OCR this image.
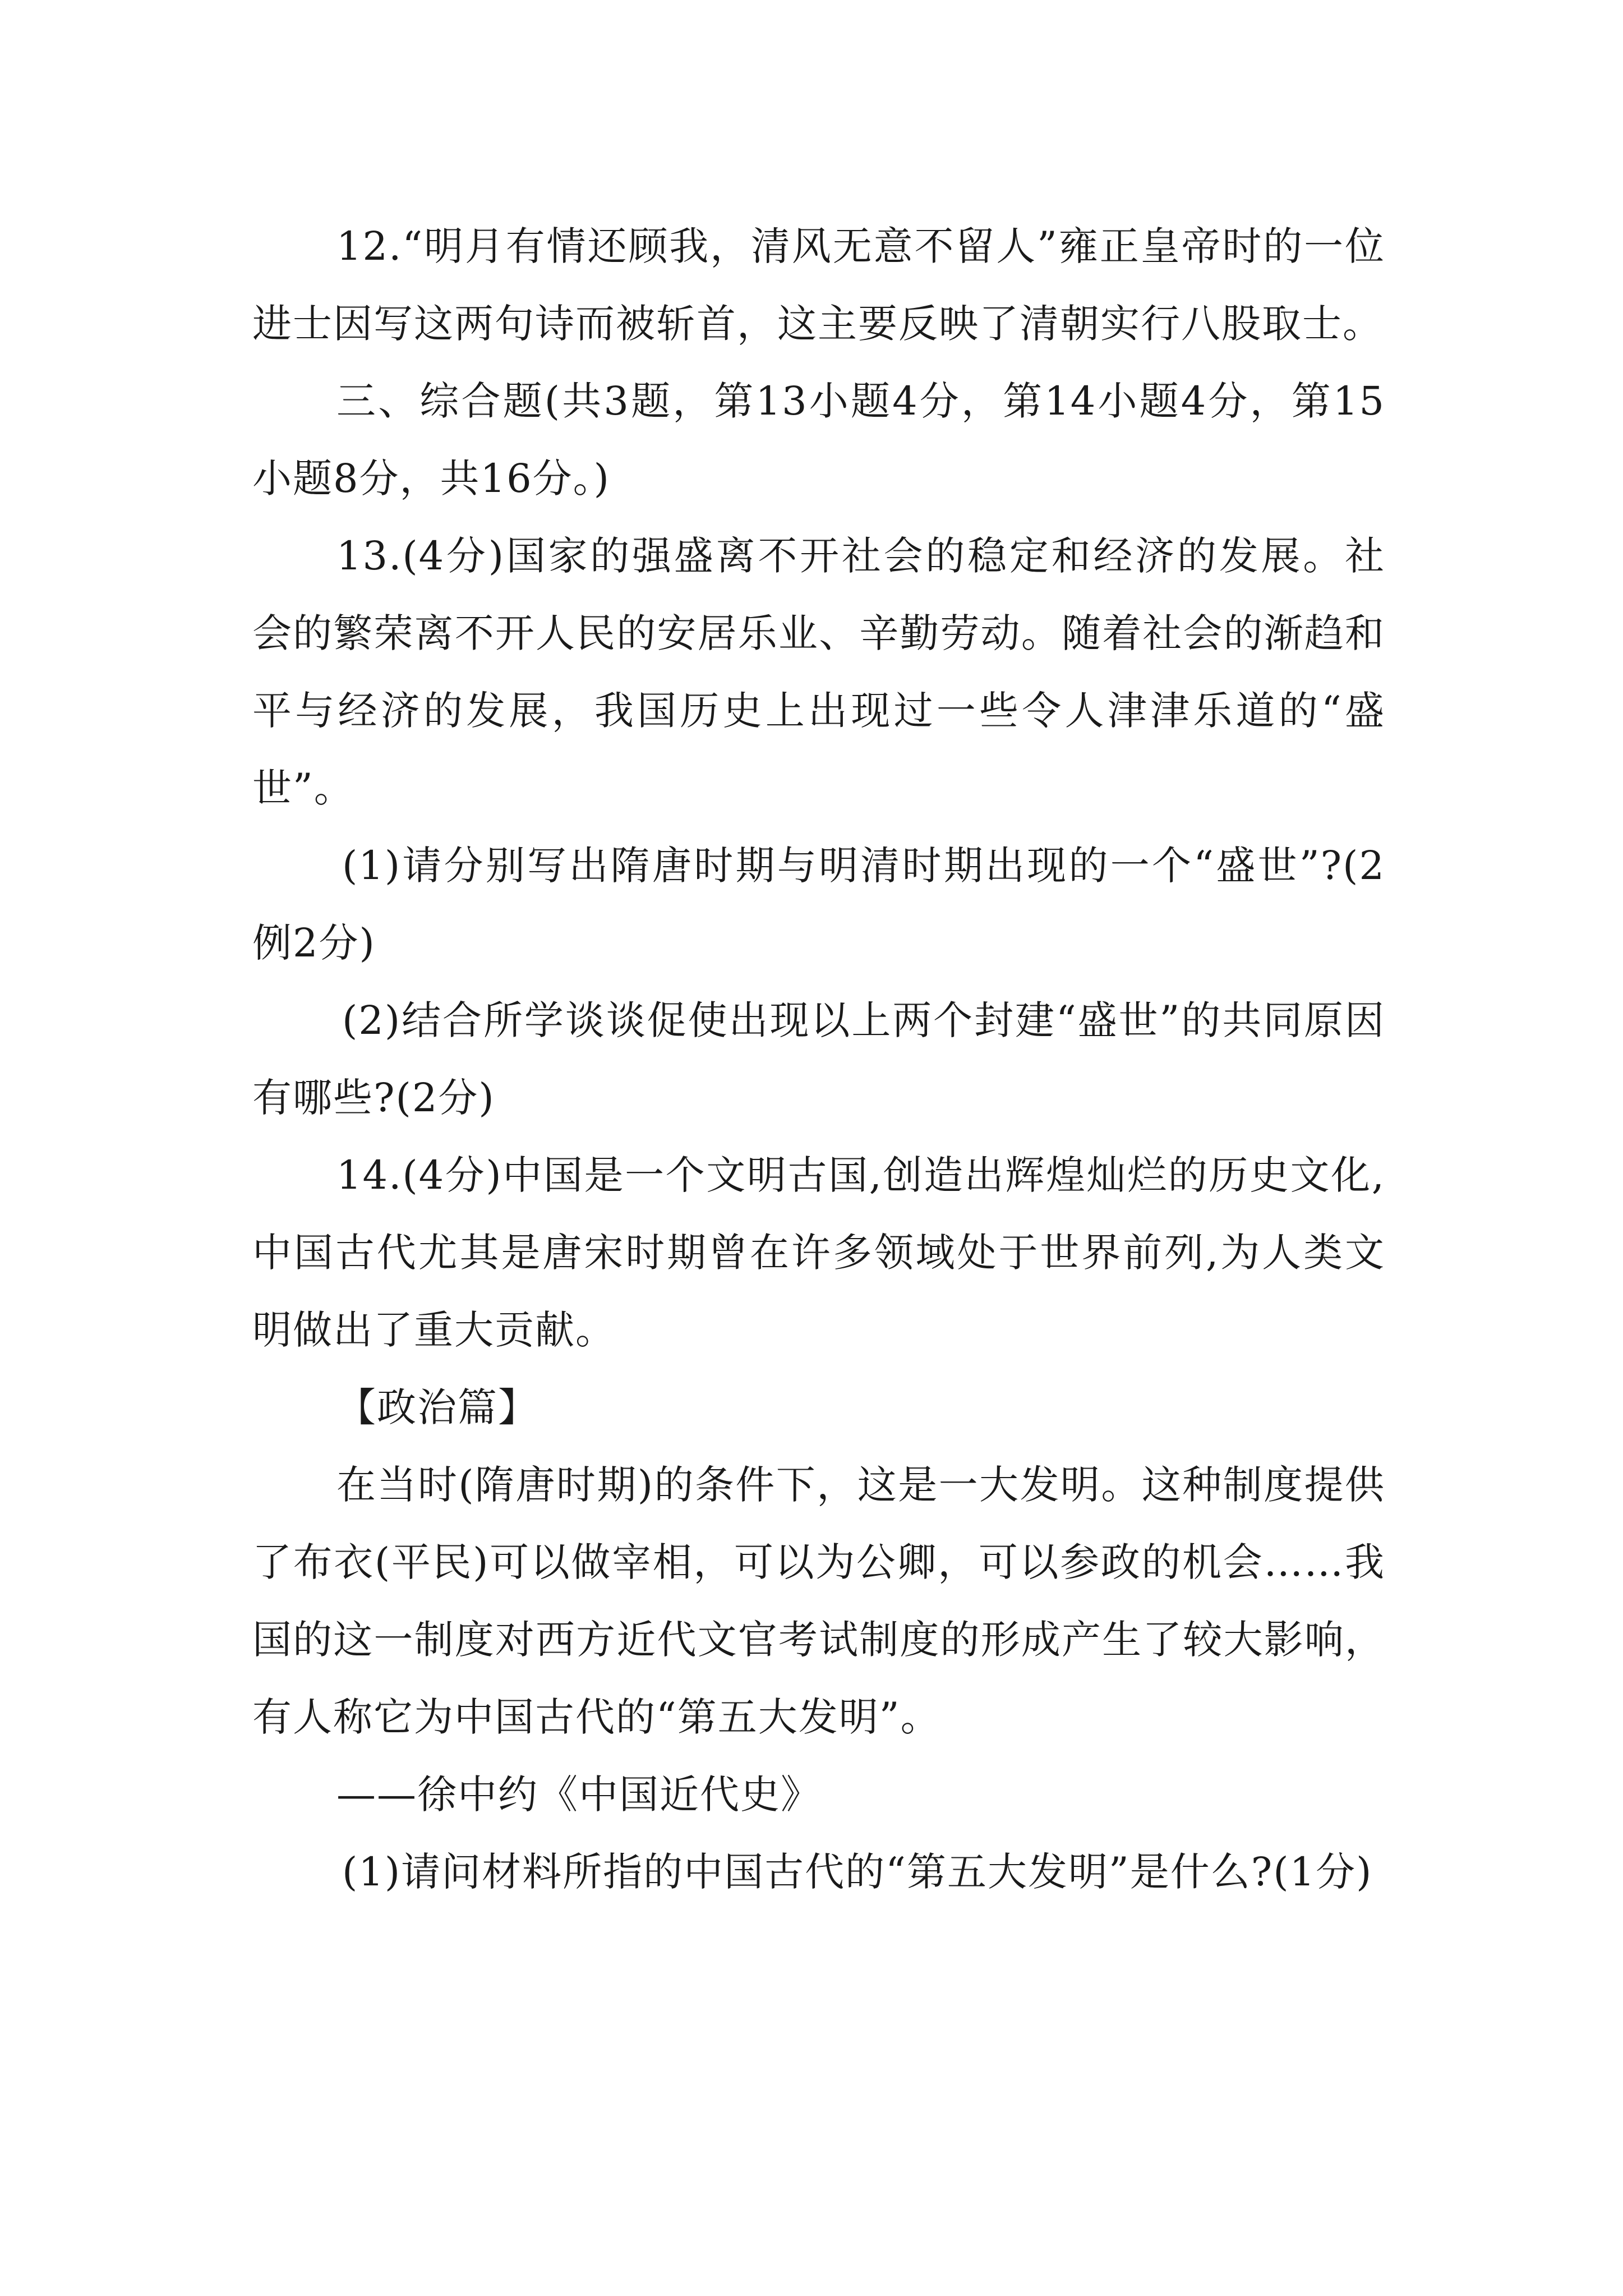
12.“明月有情还顾我，清风无意不留人”雍正皇帝时的一位进士因写这两句诗而被斩首，这主要反映了清朝实行八股取士。

三、综合题(共3题，第13小题4分，第14小题4分，第15小题8分，共16分。)

13.(4分)国家的强盛离不开社会的稳定和经济的发展。社会的繁荣离不开人民的安居乐业、辛勤劳动。随着社会的渐趋和平与经济的发展，我国历史上出现过一些令人津津乐道的“盛世”。

(1)请分别写出隋唐时期与明清时期出现的一个“盛世”?(2例2分)

(2)结合所学谈谈促使出现以上两个封建“盛世”的共同原因有哪些?(2分)

14.(4分)中国是一个文明古国,创造出辉煌灿烂的历史文化,中国古代尤其是唐宋时期曾在许多领域处于世界前列,为人类文明做出了重大贡献。

【政治篇】

在当时(隋唐时期)的条件下，这是一大发明。这种制度提供了布衣(平民)可以做宰相，可以为公卿，可以参政的机会……我国的这一制度对西方近代文官考试制度的形成产生了较大影响，有人称它为中国古代的“第五大发明”。

——徐中约《中国近代史》

(1)请问材料所指的中国古代的“第五大发明”是什么?(1分)
